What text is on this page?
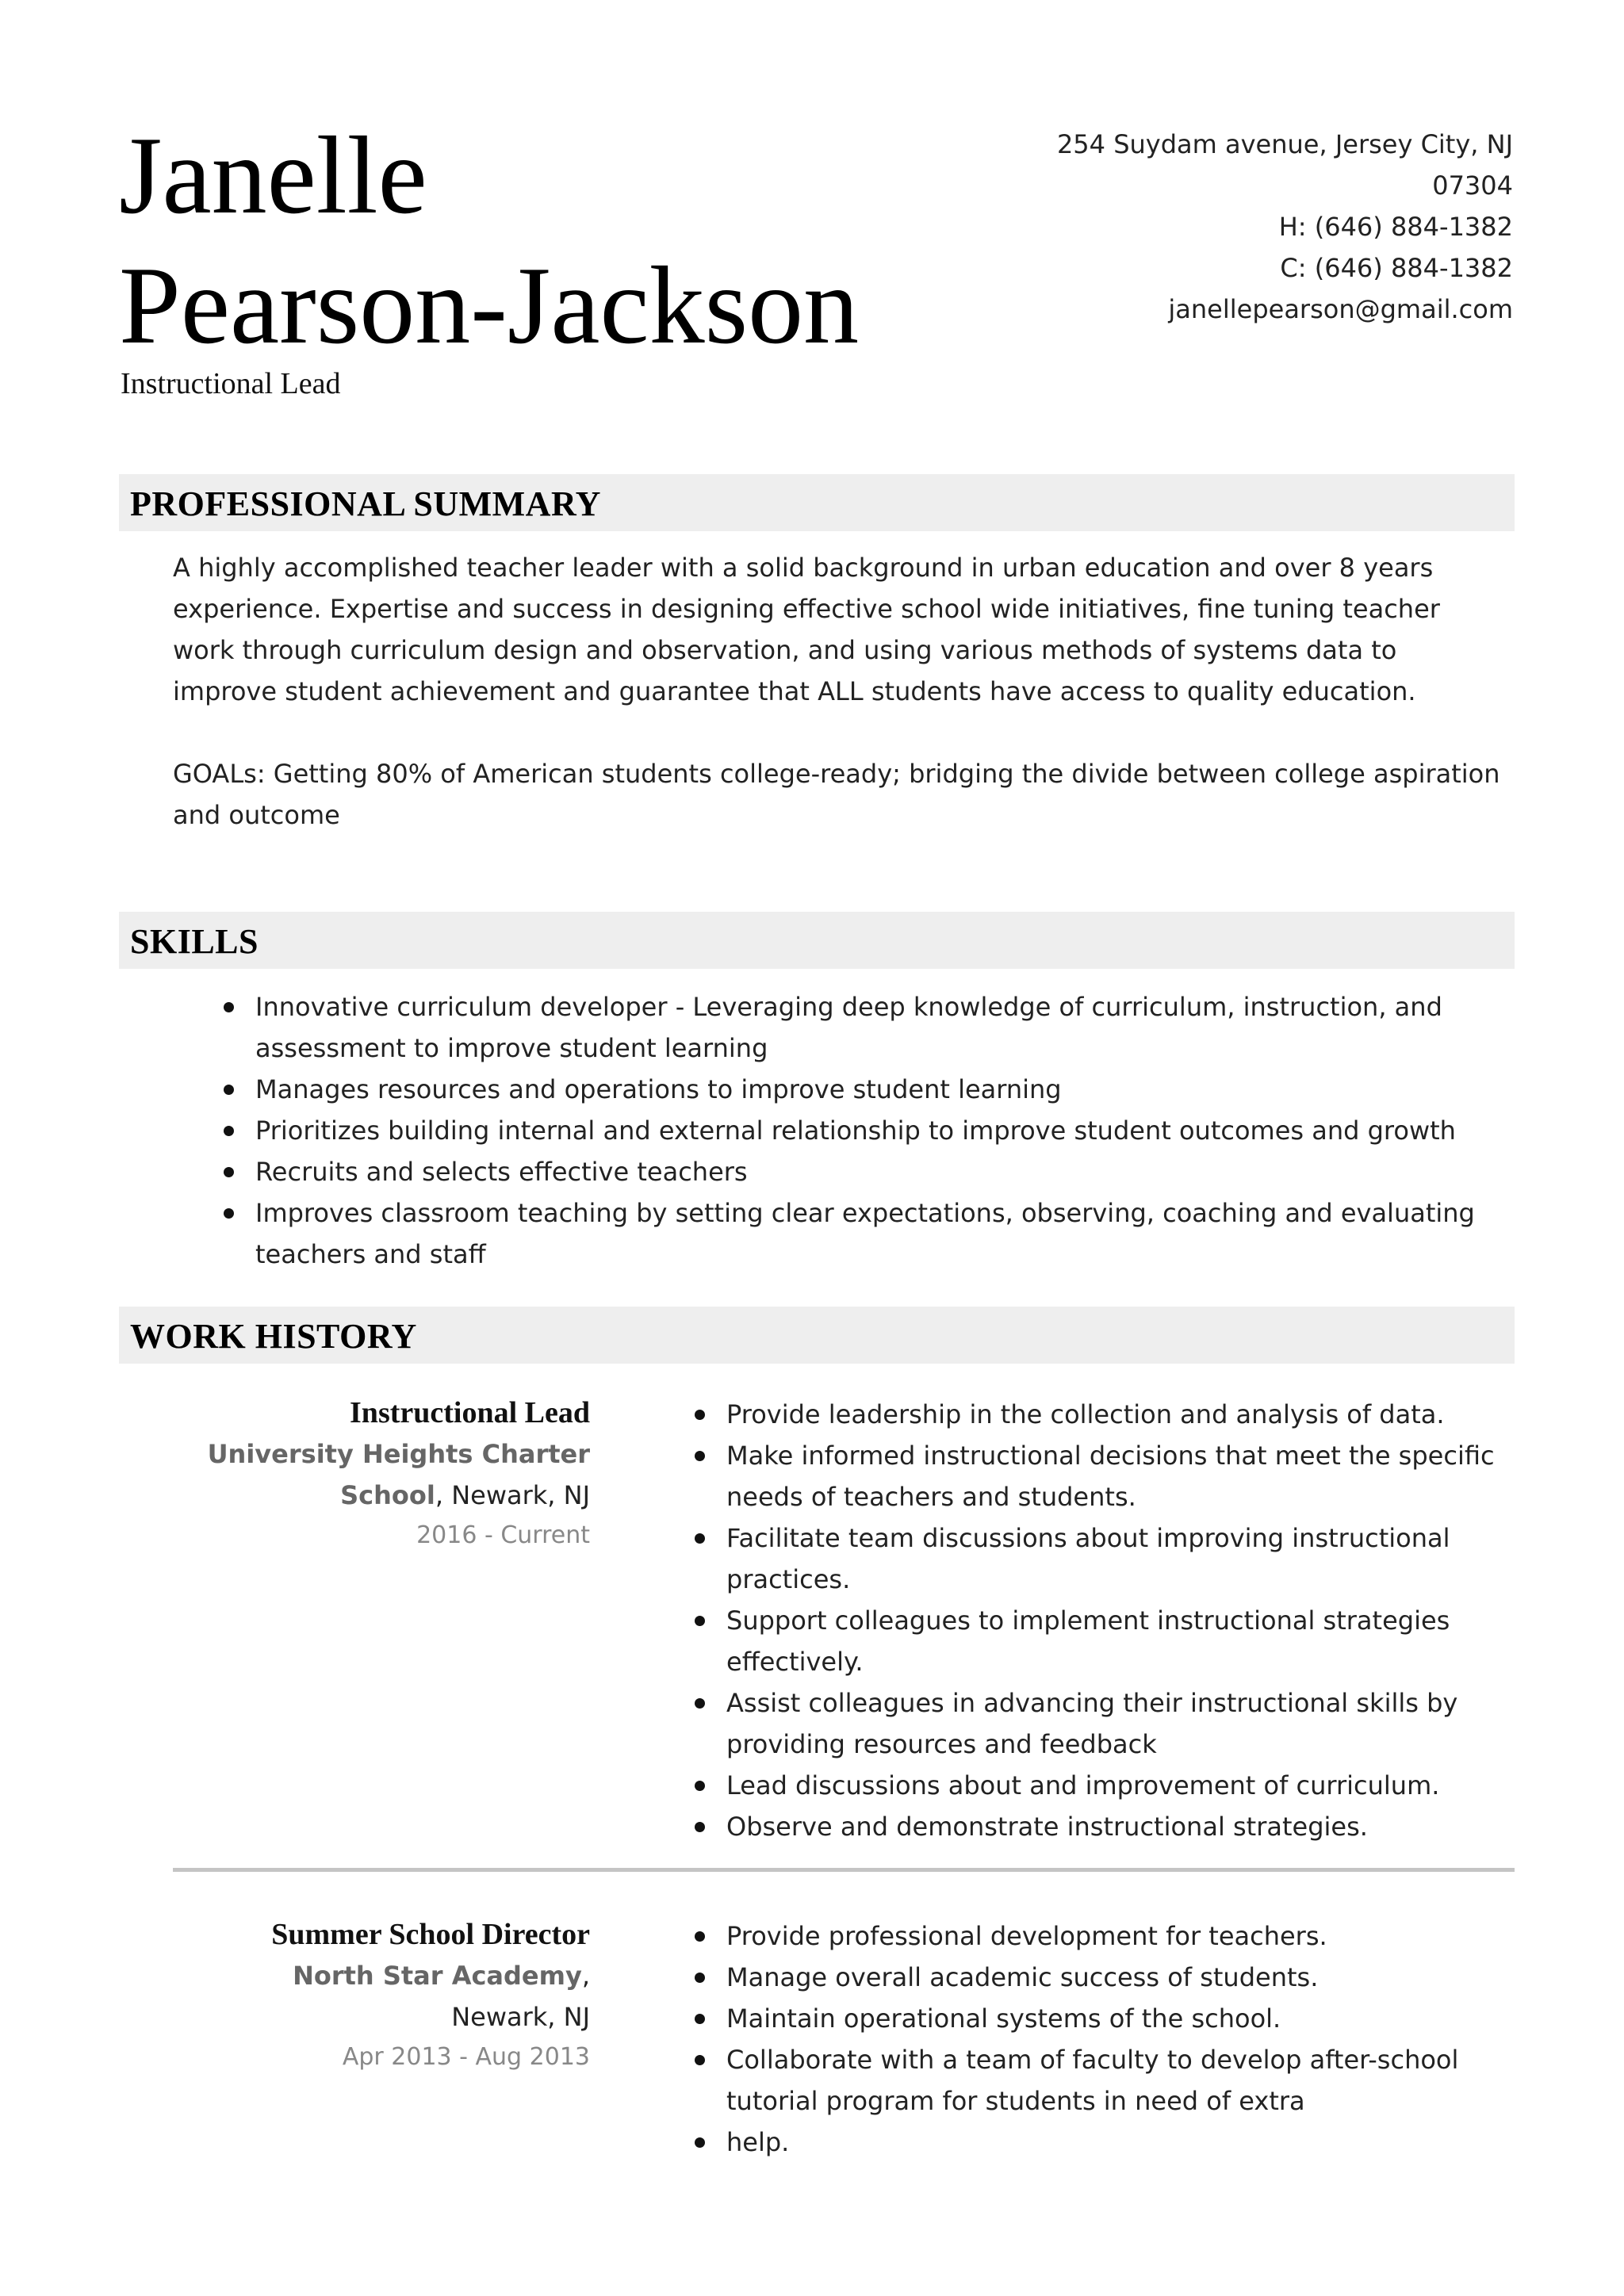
Janelle
Pearson-Jackson
Instructional Lead
254 Suydam avenue, Jersey City, NJ
07304
H: (646) 884-1382
C: (646) 884-1382
janellepearson@gmail.com
PROFESSIONAL SUMMARY

A highly accomplished teacher leader with a solid background in urban education and over 8 years experience. Expertise and success in designing effective school wide initiatives, fine tuning teacher work through curriculum design and observation, and using various methods of systems data to improve student achievement and guarantee that ALL students have access to quality education.

GOALs: Getting 80% of American students college-ready; bridging the divide between college aspiration and outcome

SKILLS
Innovative curriculum developer - Leveraging deep knowledge of curriculum, instruction, and assessment to improve student learning
Manages resources and operations to improve student learning
Prioritizes building internal and external relationship to improve student outcomes and growth
Recruits and selects effective teachers
Improves classroom teaching by setting clear expectations, observing, coaching and evaluating teachers and staff
WORK HISTORY
Instructional Lead
University Heights Charter School, Newark, NJ
2016 - Current
Provide leadership in the collection and analysis of data.
Make informed instructional decisions that meet the specific needs of teachers and students.
Facilitate team discussions about improving instructional practices.
Support colleagues to implement instructional strategies effectively.
Assist colleagues in advancing their instructional skills by providing resources and feedback
Lead discussions about and improvement of curriculum.
Observe and demonstrate instructional strategies.
Summer School Director
North Star Academy,
Newark, NJ
Apr 2013 - Aug 2013
Provide professional development for teachers.
Manage overall academic success of students.
Maintain operational systems of the school.
Collaborate with a team of faculty to develop after-school tutorial program for students in need of extra
help.
